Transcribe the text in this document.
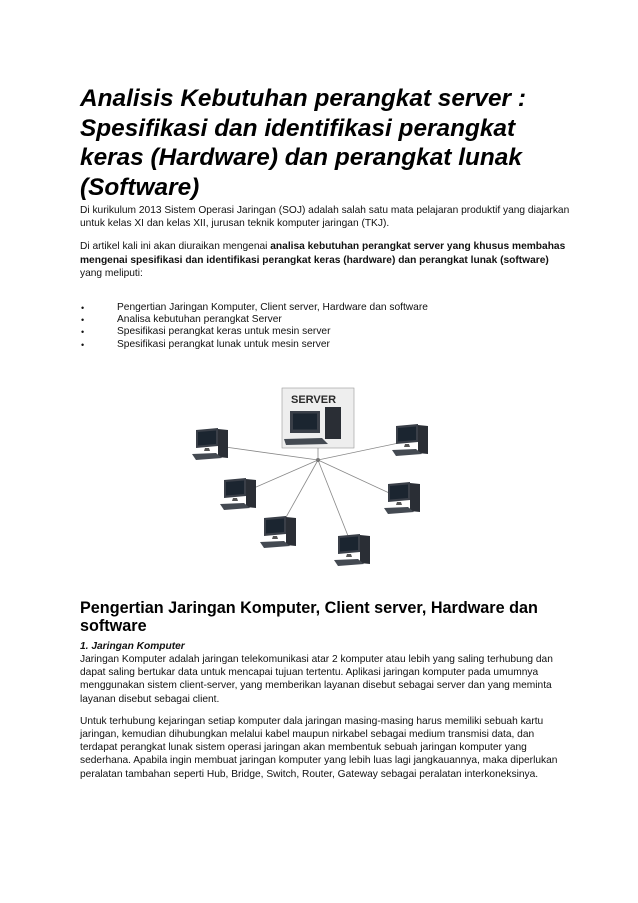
Analisis Kebutuhan perangkat server : Spesifikasi dan identifikasi perangkat keras (Hardware) dan perangkat lunak (Software)

Di kurikulum 2013 Sistem Operasi Jaringan (SOJ) adalah salah satu mata pelajaran produktif yang diajarkan untuk kelas XI dan kelas XII, jurusan teknik komputer jaringan (TKJ).

Di artikel kali ini akan diuraikan mengenai analisa kebutuhan perangkat server yang khusus membahas mengenai spesifikasi dan identifikasi perangkat keras (hardware) dan perangkat lunak (software) yang meliputi:

•	Pengertian Jaringan Komputer, Client server, Hardware dan software
•	Analisa kebutuhan perangkat Server
•	Spesifikasi perangkat keras untuk mesin server
•	Spesifikasi perangkat lunak untuk mesin server
SERVER
Pengertian Jaringan Komputer, Client server, Hardware dan software
1. Jaringan Komputer

Jaringan Komputer adalah jaringan telekomunikasi atar 2 komputer atau lebih yang saling terhubung dan dapat saling bertukar data untuk mencapai tujuan tertentu. Aplikasi jaringan komputer pada umumnya menggunakan sistem client-server, yang memberikan layanan disebut sebagai server dan yang meminta layanan disebut sebagai client.

Untuk terhubung kejaringan setiap komputer dala jaringan masing-masing harus memiliki sebuah kartu jaringan, kemudian dihubungkan melalui kabel maupun nirkabel sebagai medium transmisi data, dan terdapat perangkat lunak sistem operasi jaringan akan membentuk sebuah jaringan komputer yang sederhana. Apabila ingin membuat jaringan komputer yang lebih luas lagi jangkauannya, maka diperlukan peralatan tambahan seperti Hub, Bridge, Switch, Router, Gateway sebagai peralatan interkoneksinya.
